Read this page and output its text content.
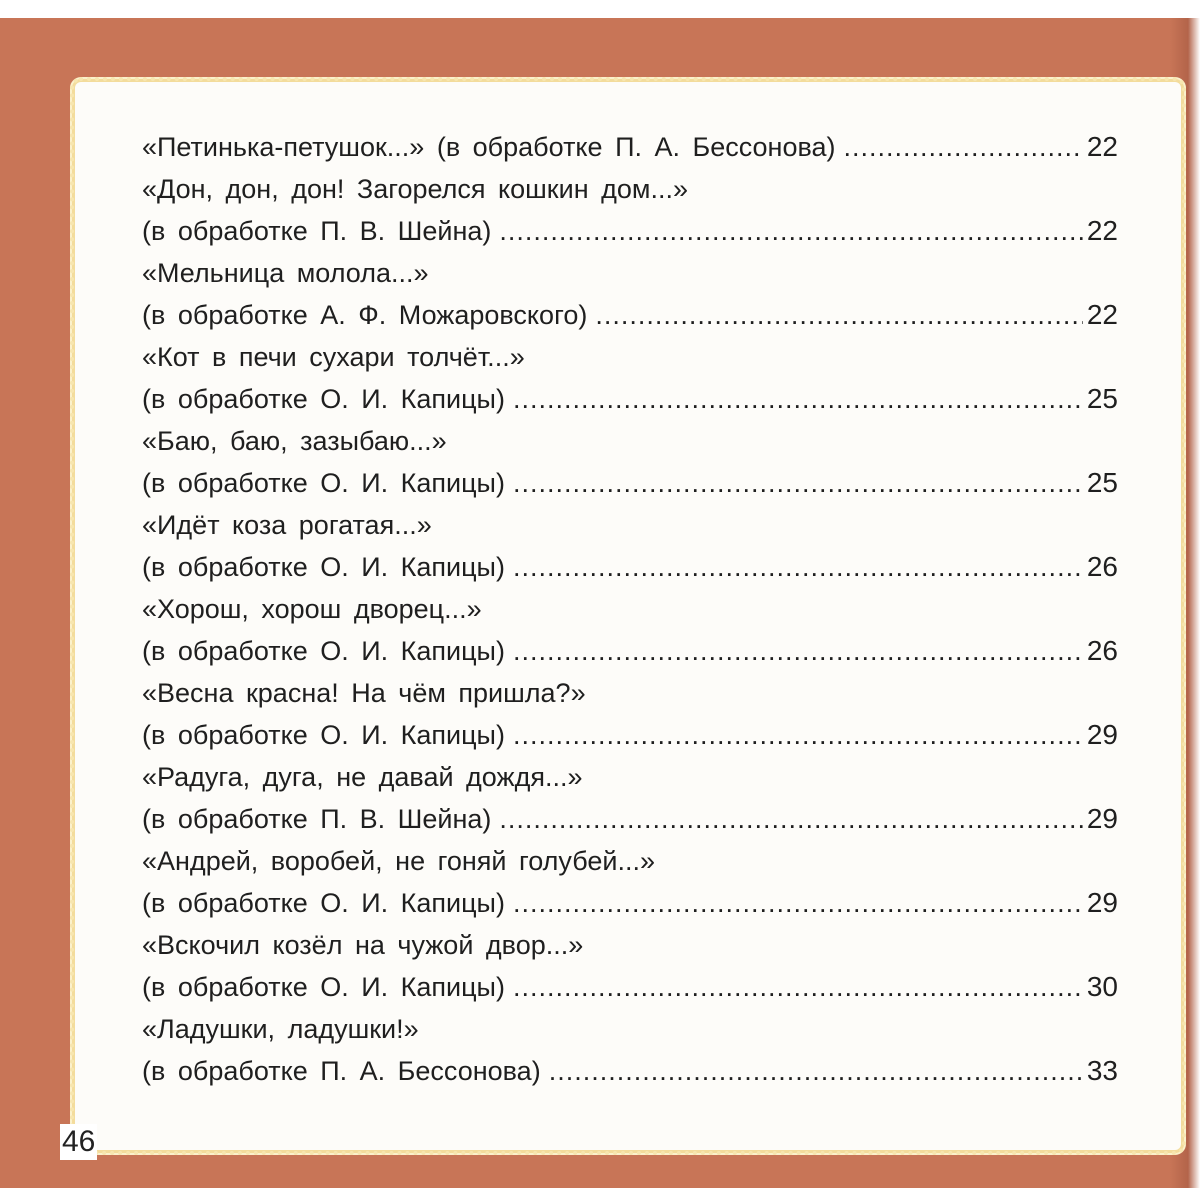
«Петинька-петушок...»
(в обработке П. А. Бессонова) .....	22
«Дон, дон, дон! Загорелся кошкин дом...»
(в обработке П. В. Шейна) .....	22
«Мельница молола...»
(в обработке А. Ф. Можаровского) .....	22
«Кот в печи сухари толчёт...»
(в обработке О. И. Капицы) .....	25
«Баю, баю, зазыбаю...»
(в обработке О. И. Капицы) .....	25
«Идёт коза рогатая...»
(в обработке О. И. Капицы) .....	26
«Хорош, хорош дворец...»
(в обработке О. И. Капицы) .....	26
«Весна красна! На чём пришла?»
(в обработке О. И. Капицы) .....	29
«Радуга, дуга, не давай дождя...»
(в обработке П. В. Шейна) .....	29
«Андрей, воробей, не гоняй голубей...»
(в обработке О. И. Капицы) .....	29
«Вскочил козёл на чужой двор...»
(в обработке О. И. Капицы) .....	30
«Ладушки, ладушки!»
(в обработке П. А. Бессонова) .....	33
46
